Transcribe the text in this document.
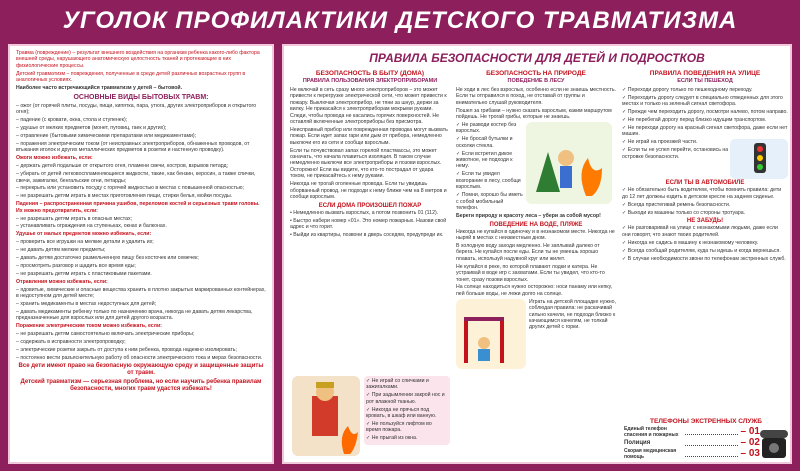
УГОЛОК ПРОФИЛАКТИКИ ДЕТСКОГО ТРАВМАТИЗМА
Травма (повреждение) – результат внешнего воздействия на организм ребенка какого-либо фактора внешней среды, нарушающего анатомическую целостность тканей и протекающие в них физиологические процессы.
Детский травматизм – повреждения, полученные в среде детей различных возрастных групп в аналогичных условиях.
Наиболее часто встречающийся травматизм у детей – бытовой.
ОСНОВНЫЕ ВИДЫ БЫТОВЫХ ТРАВМ:
– ожог (от горячей плиты, посуды, пищи, кипятка, пара, утюга, других электроприборов и открытого огня);
– падение (с кровати, окна, стола и ступенек);
– удушье от мелких предметов (монет, пуговиц, гаек и других);
– отравление (бытовыми химическими препаратами или медикаментами);
– поражения электрическим током (от неисправных электроприборов, обнаженных проводов, от втыкания иголок и других металлических предметов в розетки и настенную проводку).
Ожоги можно избежать, если:
– держать детей подальше от открытого огня, пламени свечи, костров, взрывов петард;
– убирать от детей легковоспламеняющиеся жидкости, такие, как бензин, керосин, а также спички, свечи, зажигалки, бенгальские огни, петарды;
– перекрыть или установить посуду с горячей жидкостью в местах с повышенной опасностью;
– не разрешать детям играть в местах приготовления пищи, стирки белья, мойки посуды.
Падения – распространенная причина ушибов, переломов костей и серьезных травм головы. Их можно предотвратить, если:
– не разрешать детям играть в опасных местах;
– устанавливать ограждения на ступеньках, окнах и балконах.
Удушье от малых предметов можно избежать, если:
– проверить все игрушки на мелкие детали и удалить их;
– не давать детям мелкие предметы;
– давать детям достаточно размельченную пищу без косточек или семечек;
– просмотреть разговор и щадить все время еды;
– не разрешать детям играть с пластиковыми пакетами.
Отравления можно избежать, если:
– ядовитые, химические и опасные вещества хранить в плотно закрытых маркированных контейнерах, в недоступном для детей месте;
– хранить медикаменты в местах недоступных для детей;
– давать медикаменты ребенку только по назначению врача, никогда не давать детям лекарства, предназначенные для взрослых или для детей другого возраста.
Поражение электрическим током можно избежать, если:
– не разрешать детям самостоятельно включать электрические приборы;
– содержать в исправности электропроводку;
– электрические розетки закрыть от доступа к ним ребенка, провода надежно изолировать;
– постоянно вести разъяснительную работу об опасности электрического тока и мерах безопасности.
Все дети имеют право на безопасную окружающую среду и защищенные защиты от травм.
Детский травматизм — серьезная проблема, но если научить ребенка правилам безопасности, многих травм удастся избежать!
ПРАВИЛА БЕЗОПАСНОСТИ ДЛЯ ДЕТЕЙ И ПОДРОСТКОВ
БЕЗОПАСНОСТЬ В БЫТУ (ДОМА)
ПРАВИЛА ПОЛЬЗОВАНИЯ ЭЛЕКТРОПРИБОРАМИ
Не включай в сеть сразу много электроприборов – это может привести к перегрузке электрической сети, что может привести к пожару. Выключая электроприбор, не тяни за шнур, держи за вилку. Не прикасайся к электроприборам мокрыми руками. Следи, чтобы провода не касались горячих поверхностей. Не оставляй включенные электроприборы без присмотра.
Неисправный прибор или поврежденная проводка могут вызвать пожар. Если идет запах гари или дым от прибора, немедленно выключи его из сети и сообщи взрослым.
Если ты почувствовал запах горелой пластмассы, это может означать, что начала плавиться изоляция. В таком случае немедленно выключи все электроприборы и позови взрослых. Осторожно! Если вы видите, что кто-то пострадал от удара током, не прикасайтесь к нему руками.
Никогда не трогай оголенные провода. Если ты увидишь оборванный провод, не подходи к нему ближе чем на 8 метров и сообщи взрослым.
ЕСЛИ ДОМА ПРОИЗОШЕЛ ПОЖАР
• Немедленно вызвать взрослых, а потом позвонить 01 (112).
• Быстро набери номер «01». Это номер пожарных. Назови свой адрес и что горит.
• Выйди из квартиры, позвони в дверь соседям, предупреди их.
✓ Не играй со спичками и зажигалками.
✓ При задымлении закрой нос и рот влажной тканью.
✓ Никогда не прячься под кровать, в шкаф или ванную.
✓ Не пользуйся лифтом во время пожара.
✓ Не прыгай из окна.
БЕЗОПАСНОСТЬ НА ПРИРОДЕ
ПОВЕДЕНИЕ В ЛЕСУ
Не ходи в лес без взрослых, особенно если не знаешь местность. Если ты отправился в поход, не отставай от группы и внимательно слушай руководителя.
Пошел за грибами – нужно сказать взрослым, каким маршрутом пойдешь. Не трогай грибы, которые не знаешь.
✓ Не разводи костер без взрослых.
✓ Не бросай бутылки и осколки стекла.
✓ Если встретил дикое животное, не подходи к нему.
✓ Если ты увидел возгорание в лесу, сообщи взрослым.
✓ Помни, хорошо бы иметь с собой мобильный телефон.
Береги природу и красоту леса – убери за собой мусор!
ПОВЕДЕНИЕ НА ВОДЕ, ПЛЯЖЕ
Никогда не купайся в одиночку и в незнакомом месте. Никогда не ныряй в местах с неизвестным дном.
В холодную воду заходи медленно. Не заплывай далеко от берега. Не купайся после еды. Если ты не умеешь хорошо плавать, используй надувной круг или жилет.
Не купайся в реке, по которой плавают лодки и катера. Не устраивай в воде игр с захватами. Если ты увидел, что кто-то тонет, сразу позови взрослых.
На солнце находиться нужно осторожно: носи панаму или кепку, пей больше воды, не лежи долго на солнце.
Играть на детской площадке нужно, соблюдая правила: не раскачивай сильно качели, не подходи близко к качающимся качелям, не толкай других детей с горки.
ПРАВИЛА ПОВЕДЕНИЯ НА УЛИЦЕ
ЕСЛИ ТЫ ПЕШЕХОД
✓ Переходи дорогу только по пешеходному переходу.
✓ Переходить дорогу следует в специально отведенных для этого местах и только на зеленый сигнал светофора.
✓ Прежде чем переходить дорогу, посмотри налево, потом направо.
✓ Не перебегай дорогу перед близко идущим транспортом.
✓ Не переходи дорогу на красный сигнал светофора, даже если нет машин.
✓ Не играй на проезжей части.
✓ Если ты не успел перейти, остановись на островке безопасности.
ЕСЛИ ТЫ В АВТОМОБИЛЕ
✓ Не обязательно быть водителем, чтобы помнить правила: дети до 12 лет должны ездить в детском кресле на заднем сиденье.
✓ Всегда пристегивай ремень безопасности.
✓ Выходи из машины только со стороны тротуара.
НЕ ЗАБУДЬ!
✓ Не разговаривай на улице с незнакомыми людьми, даже если они говорят, что знают твоих родителей.
✓ Никогда не садись в машину к незнакомому человеку.
✓ Всегда сообщай родителям, куда ты идешь и когда вернешься.
✓ В случае необходимости звони по телефонам экстренных служб.
ТЕЛЕФОНЫ ЭКСТРЕННЫХ СЛУЖБ
Единый телефон спасения и пожарных	– 01
Полиция	– 02
Скорая медицинская помощь	– 03
